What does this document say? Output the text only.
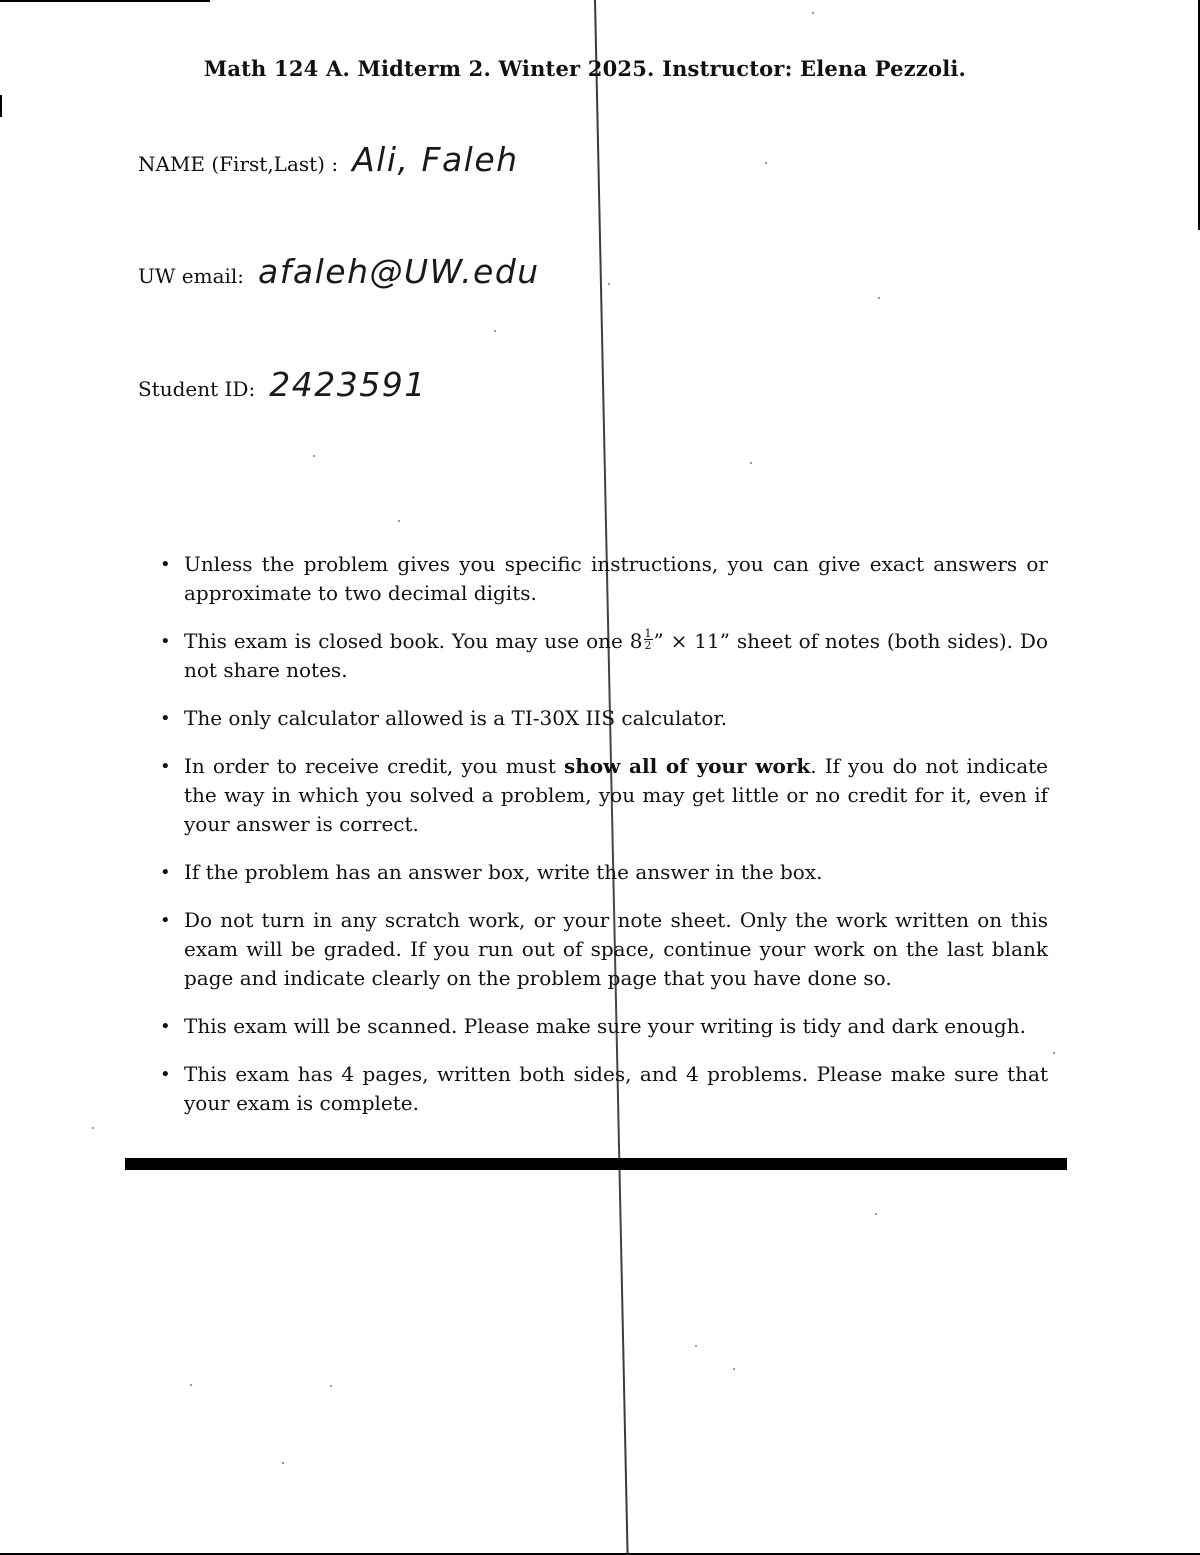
Math 124 A. Midterm 2. Winter 2025. Instructor: Elena Pezzoli.
NAME (First,Last) : Ali, Faleh
UW email: afaleh@UW.edu
Student ID: 2423591
• Unless the problem gives you specific instructions, you can give exact answers or approximate to two decimal digits.
• This exam is closed book. You may use one $8 \frac{1}{2}$ ” × 11” sheet of notes (both sides). Do not share notes.
• The only calculator allowed is a TI-30X IIS calculator.
• In order to receive credit, you must show all of your work. If you do not indicate the way in which you solved a problem, you may get little or no credit for it, even if your answer is correct.
• If the problem has an answer box, write the answer in the box.
• Do not turn in any scratch work, or your note sheet. Only the work written on this exam will be graded. If you run out of space, continue your work on the last blank page and indicate clearly on the problem page that you have done so.
• This exam will be scanned. Please make sure your writing is tidy and dark enough.
• This exam has 4 pages, written both sides, and 4 problems. Please make sure that your exam is complete.
